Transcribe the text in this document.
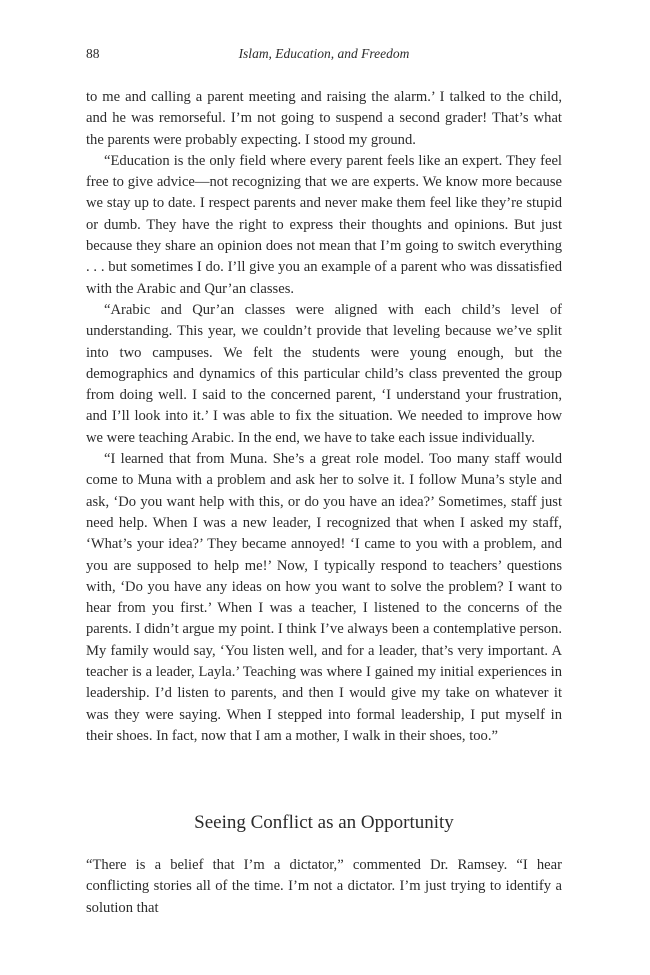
88	Islam, Education, and Freedom

to me and calling a parent meeting and raising the alarm.’ I talked to the child, and he was remorseful. I’m not going to suspend a second grader! That’s what the parents were probably expecting. I stood my ground.

“Education is the only field where every parent feels like an expert. They feel free to give advice—not recognizing that we are experts. We know more because we stay up to date. I respect parents and never make them feel like they’re stupid or dumb. They have the right to express their thoughts and opinions. But just because they share an opinion does not mean that I’m going to switch everything . . . but sometimes I do. I’ll give you an example of a parent who was dissatisfied with the Arabic and Qur’an classes.

“Arabic and Qur’an classes were aligned with each child’s level of understanding. This year, we couldn’t provide that leveling because we’ve split into two campuses. We felt the students were young enough, but the demographics and dynamics of this particular child’s class prevented the group from doing well. I said to the concerned parent, ‘I understand your frustration, and I’ll look into it.’ I was able to fix the situation. We needed to improve how we were teaching Arabic. In the end, we have to take each issue individually.

“I learned that from Muna. She’s a great role model. Too many staff would come to Muna with a problem and ask her to solve it. I follow Muna’s style and ask, ‘Do you want help with this, or do you have an idea?’ Sometimes, staff just need help. When I was a new leader, I recognized that when I asked my staff, ‘What’s your idea?’ They became annoyed! ‘I came to you with a problem, and you are supposed to help me!’ Now, I typically respond to teachers’ questions with, ‘Do you have any ideas on how you want to solve the problem? I want to hear from you first.’ When I was a teacher, I listened to the concerns of the parents. I didn’t argue my point. I think I’ve always been a contemplative person. My family would say, ‘You listen well, and for a leader, that’s very important. A teacher is a leader, Layla.’ Teaching was where I gained my initial experiences in leadership. I’d listen to parents, and then I would give my take on whatever it was they were saying. When I stepped into formal leadership, I put myself in their shoes. In fact, now that I am a mother, I walk in their shoes, too.”

Seeing Conflict as an Opportunity

“There is a belief that I’m a dictator,” commented Dr. Ramsey. “I hear conflicting stories all of the time. I’m not a dictator. I’m just trying to identify a solution that
